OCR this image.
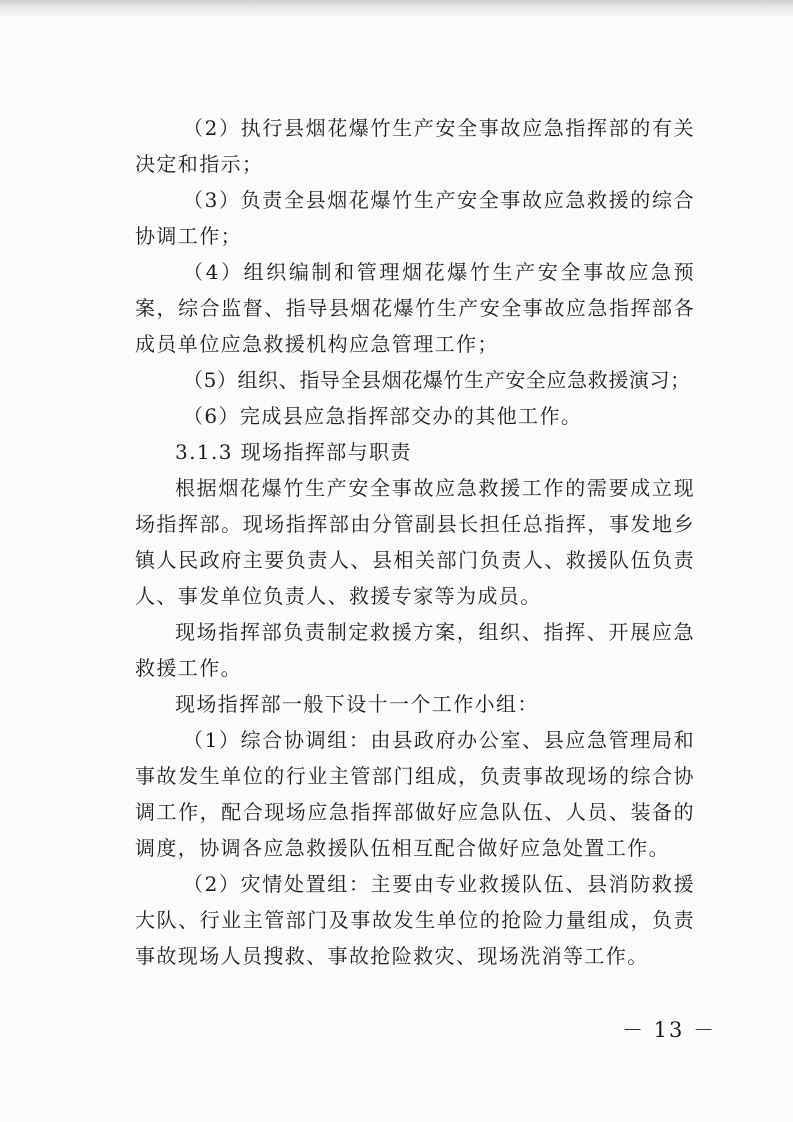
（2）执行县烟花爆竹生产安全事故应急指挥部的有关决定和指示；

（3）负责全县烟花爆竹生产安全事故应急救援的综合协调工作；

（4）组织编制和管理烟花爆竹生产安全事故应急预案，综合监督、指导县烟花爆竹生产安全事故应急指挥部各成员单位应急救援机构应急管理工作；

（5）组织、指导全县烟花爆竹生产安全应急救援演习；

（6）完成县应急指挥部交办的其他工作。

3.1.3 现场指挥部与职责

根据烟花爆竹生产安全事故应急救援工作的需要成立现场指挥部。现场指挥部由分管副县长担任总指挥，事发地乡镇人民政府主要负责人、县相关部门负责人、救援队伍负责人、事发单位负责人、救援专家等为成员。

现场指挥部负责制定救援方案，组织、指挥、开展应急救援工作。

现场指挥部一般下设十一个工作小组：

（1）综合协调组：由县政府办公室、县应急管理局和事故发生单位的行业主管部门组成，负责事故现场的综合协调工作，配合现场应急指挥部做好应急队伍、人员、装备的调度，协调各应急救援队伍相互配合做好应急处置工作。

（2）灾情处置组：主要由专业救援队伍、县消防救援大队、行业主管部门及事故发生单位的抢险力量组成，负责事故现场人员搜救、事故抢险救灾、现场洗消等工作。

－ 13 －
